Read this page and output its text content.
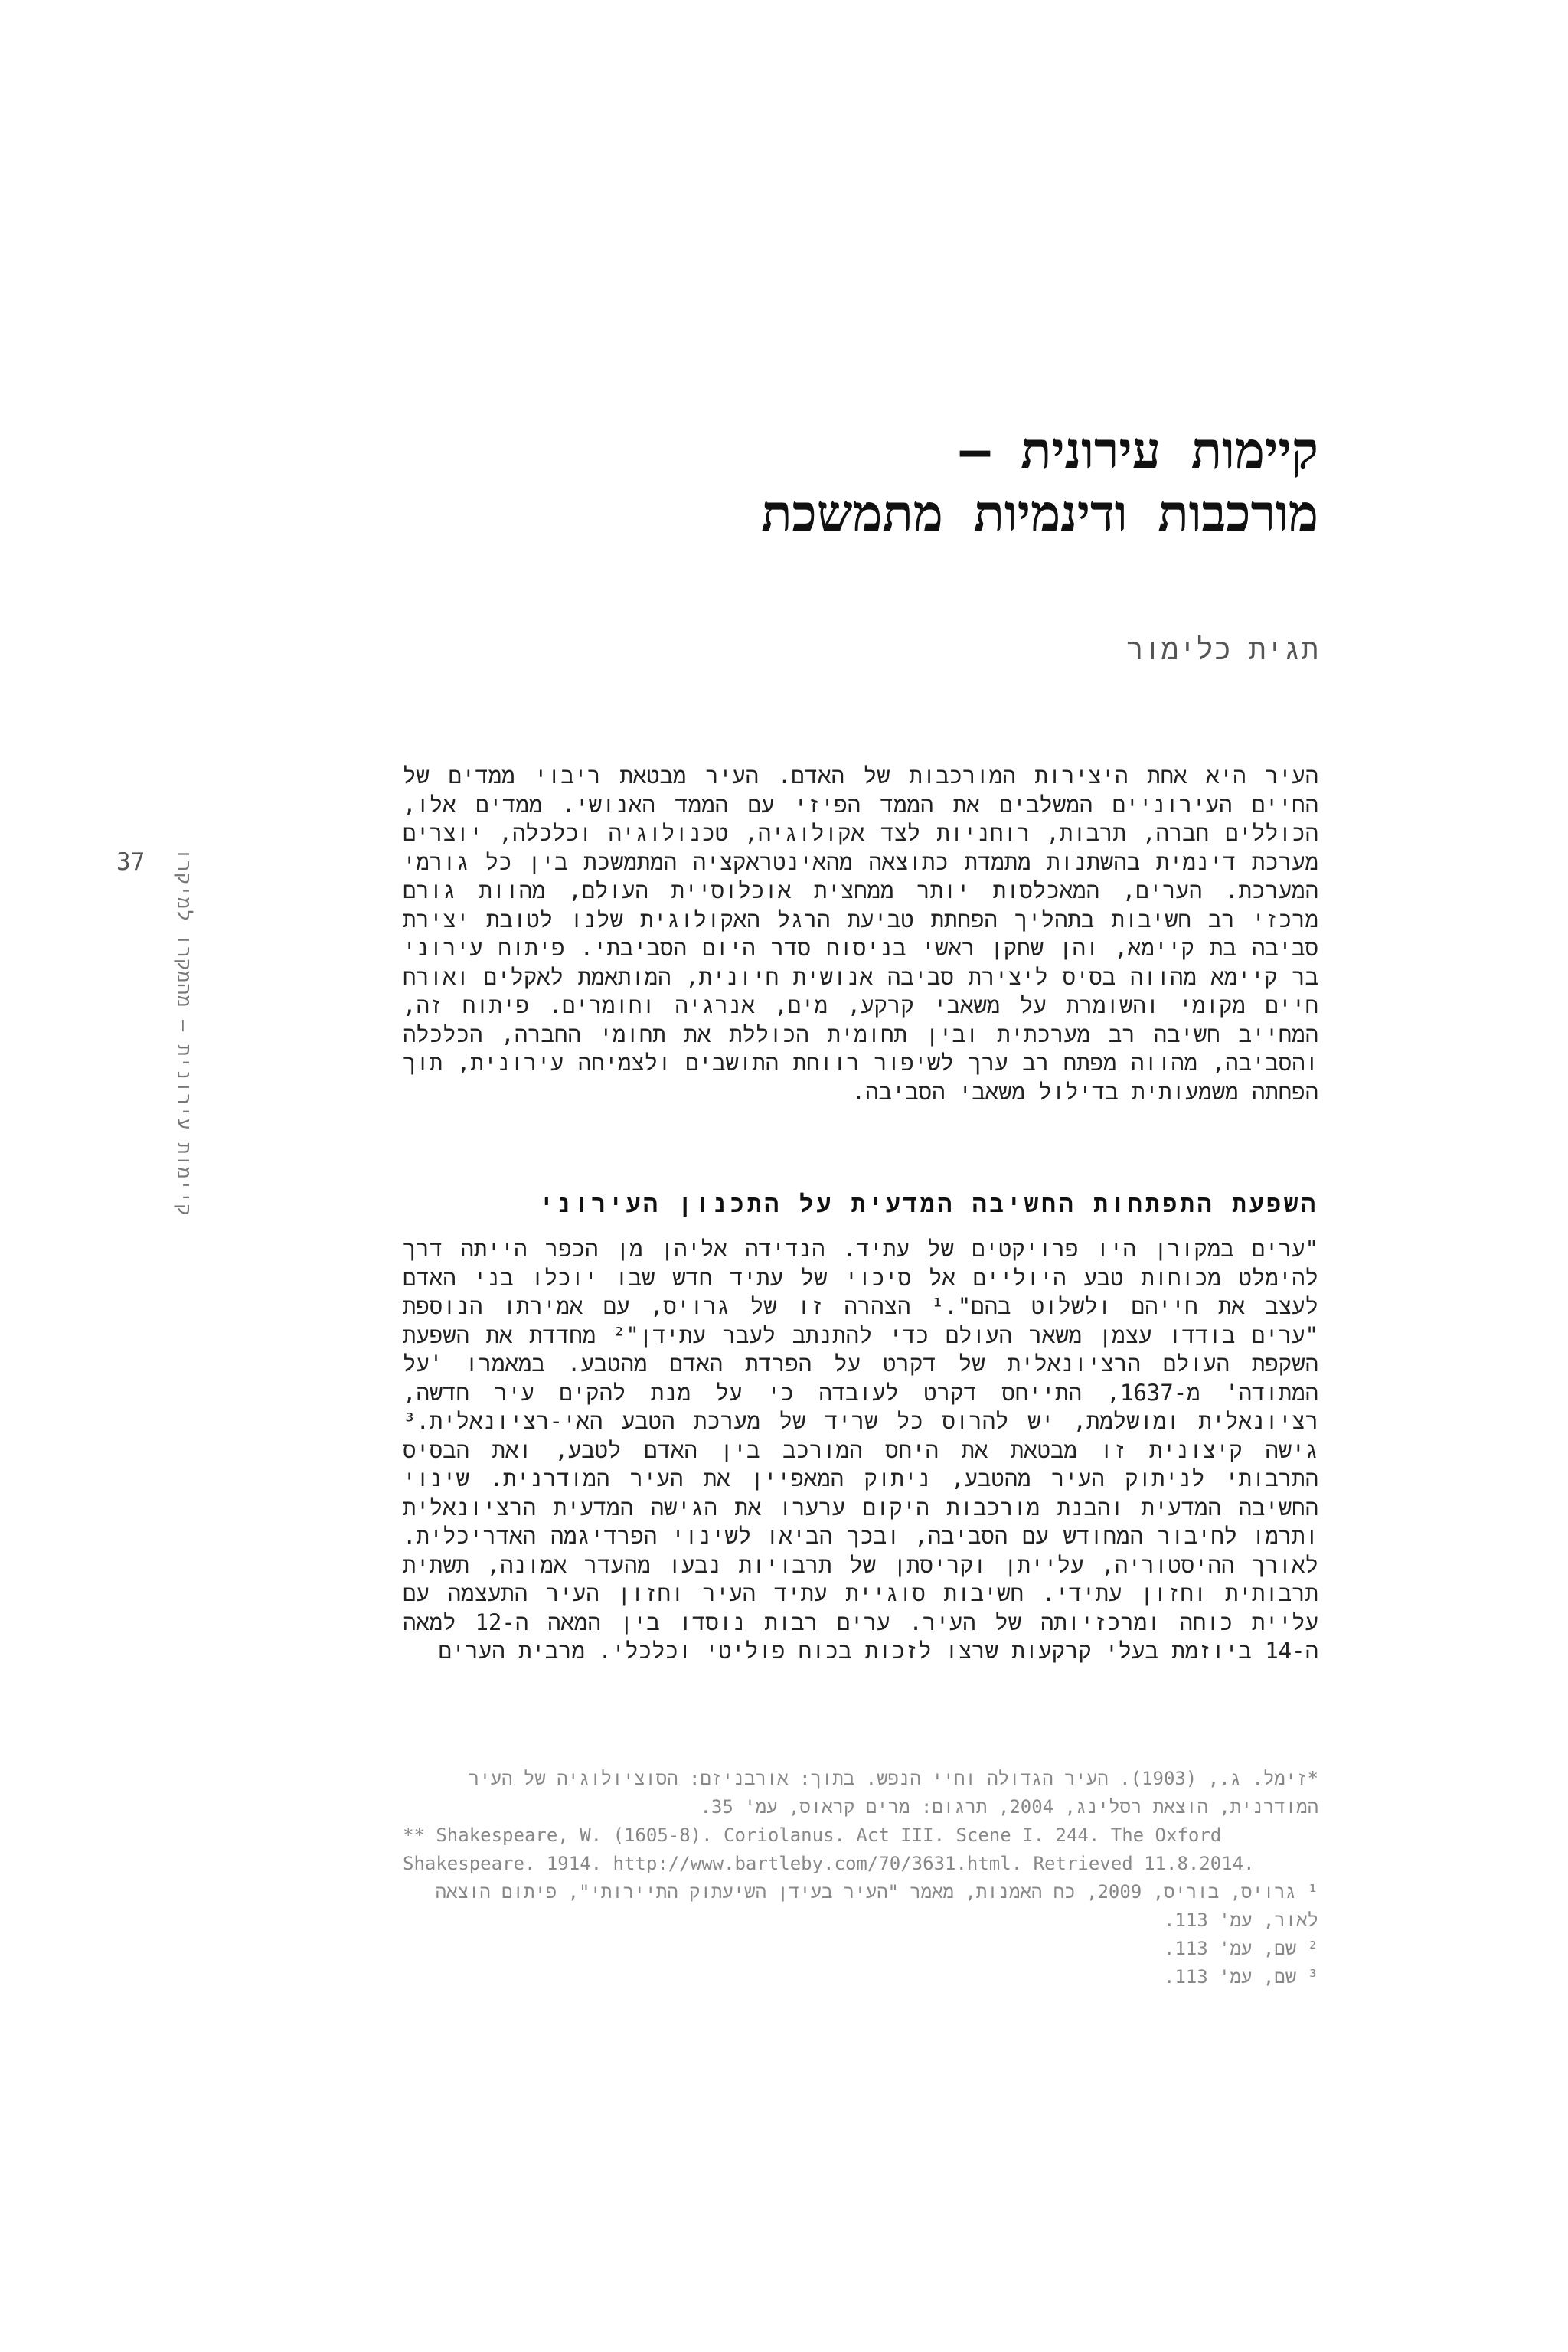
קיימות עירונית –
מורכבות ודינמיות מתמשכת
תגית כלימור

העיר היא אחת היצירות המורכבות של האדם. העיר מבטאת ריבוי ממדים של החיים העירוניים המשלבים את הממד הפיזי עם הממד האנושי. ממדים אלו, הכוללים חברה, תרבות, רוחניות לצד אקולוגיה, טכנולוגיה וכלכלה, יוצרים מערכת דינמית בהשתנות מתמדת כתוצאה מהאינטראקציה המתמשכת בין כל גורמי המערכת. הערים, המאכלסות יותר ממחצית אוכלוסיית העולם, מהוות גורם מרכזי רב חשיבות בתהליך הפחתת טביעת הרגל האקולוגית שלנו לטובת יצירת סביבה בת קיימא, והן שחקן ראשי בניסוח סדר היום הסביבתי. פיתוח עירוני בר קיימא מהווה בסיס ליצירת סביבה אנושית חיונית, המותאמת לאקלים ואורח חיים מקומי והשומרת על משאבי קרקע, מים, אנרגיה וחומרים. פיתוח זה, המחייב חשיבה רב מערכתית ובין תחומית הכוללת את תחומי החברה, הכלכלה והסביבה, מהווה מפתח רב ערך לשיפור רווחת התושבים ולצמיחה עירונית, תוך הפחתה משמעותית בדילול משאבי הסביבה.

השפעת התפתחות החשיבה המדעית על התכנון העירוני

"ערים במקורן היו פרויקטים של עתיד. הנדידה אליהן מן הכפר הייתה דרך להימלט מכוחות טבע היוליים אל סיכוי של עתיד חדש שבו יוכלו בני האדם לעצב את חייהם ולשלוט בהם".¹ הצהרה זו של גרויס, עם אמירתו הנוספת "ערים בודדו עצמן משאר העולם כדי להתנתב לעבר עתידן"² מחדדת את השפעת השקפת העולם הרציונאלית של דקרט על הפרדת האדם מהטבע. במאמרו 'על המתודה' מ-1637, התייחס דקרט לעובדה כי על מנת להקים עיר חדשה, רציונאלית ומושלמת, יש להרוס כל שריד של מערכת הטבע האי-רציונאלית.³ גישה קיצונית זו מבטאת את היחס המורכב בין האדם לטבע, ואת הבסיס התרבותי לניתוק העיר מהטבע, ניתוק המאפיין את העיר המודרנית. שינוי החשיבה המדעית והבנת מורכבות היקום ערערו את הגישה המדעית הרציונאלית ותרמו לחיבור המחודש עם הסביבה, ובכך הביאו לשינוי הפרדיגמה האדריכלית. לאורך ההיסטוריה, עלייתן וקריסתן של תרבויות נבעו מהעדר אמונה, תשתית תרבותית וחזון עתידי. חשיבות סוגיית עתיד העיר וחזון העיר התעצמה עם עליית כוחה ומרכזיותה של העיר. ערים רבות נוסדו בין המאה ה-12 למאה ה-14 ביוזמת בעלי קרקעות שרצו לזכות בכוח פוליטי וכלכלי. מרבית הערים

*זימל. ג., (1903). העיר הגדולה וחיי הנפש. בתוך: אורבניזם: הסוציולוגיה של העיר המודרנית, הוצאת רסלינג, 2004, תרגום: מרים קראוס, עמ' 35.
** Shakespeare, W. (1605-8). Coriolanus. Act III. Scene I. 244. The Oxford Shakespeare. 1914. http://www.bartleby.com/70/3631.html. Retrieved 11.8.2014.
¹ גרויס, בוריס, 2009, כח האמנות, מאמר "העיר בעידן השיעתוק התיירותי", פיתום הוצאה לאור, עמ' 113.
² שם, עמ' 113.
³ שם, עמ' 113.
37 קיימות עירונית – מהמקרו למיקרו
